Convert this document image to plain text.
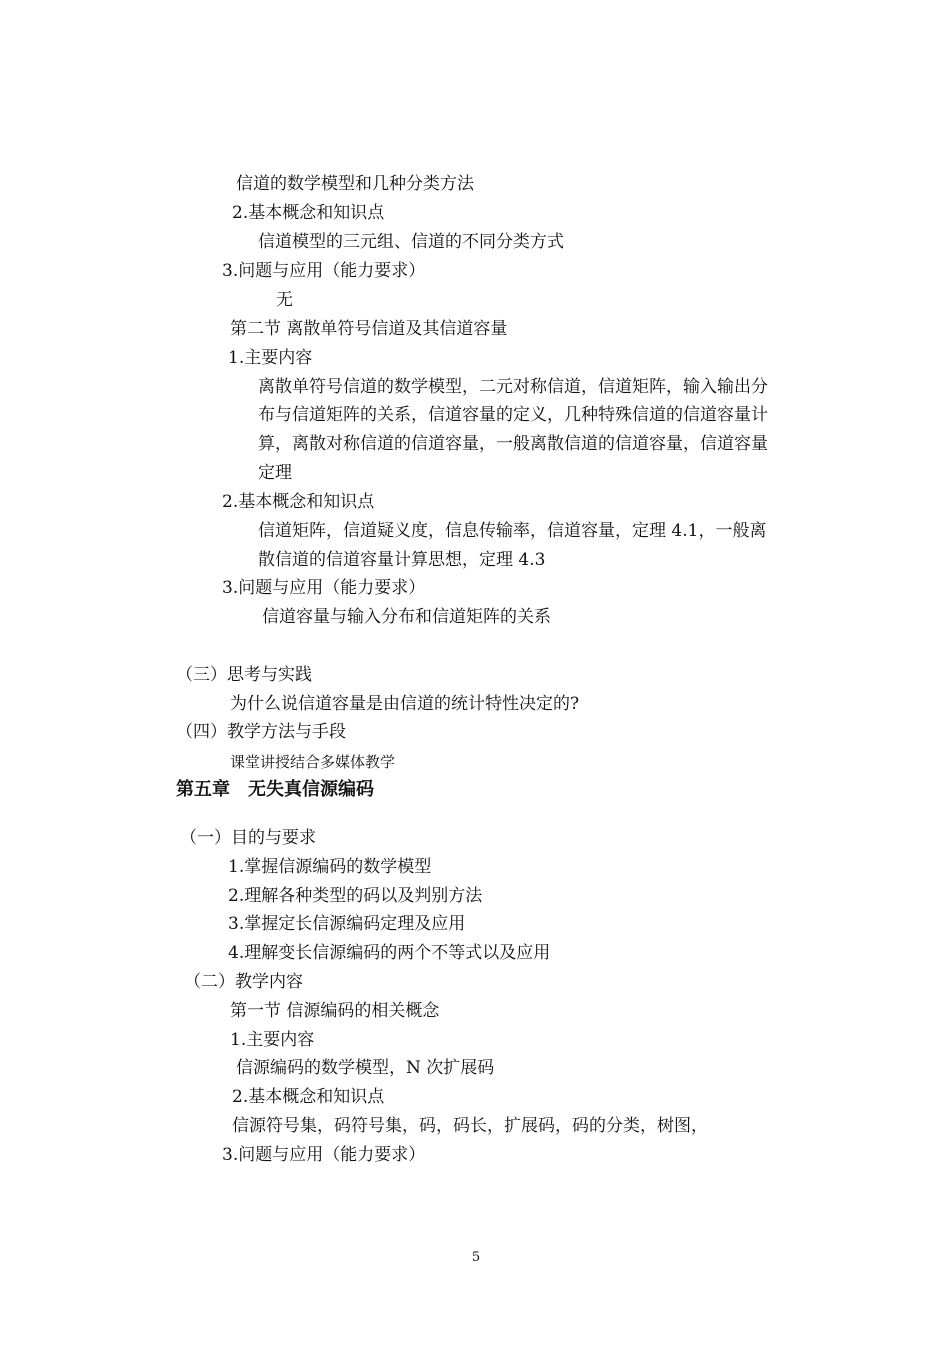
信道的数学模型和几种分类方法
2.基本概念和知识点
信道模型的三元组、信道的不同分类方式
3.问题与应用（能力要求）
无
第二节 离散单符号信道及其信道容量
1.主要内容
离散单符号信道的数学模型，二元对称信道，信道矩阵，输入输出分
布与信道矩阵的关系，信道容量的定义，几种特殊信道的信道容量计
算，离散对称信道的信道容量，一般离散信道的信道容量，信道容量
定理
2.基本概念和知识点
信道矩阵，信道疑义度，信息传输率，信道容量，定理 4.1，一般离
散信道的信道容量计算思想，定理 4.3
3.问题与应用（能力要求）
信道容量与输入分布和信道矩阵的关系
（三）思考与实践
为什么说信道容量是由信道的统计特性决定的?
（四）教学方法与手段
课堂讲授结合多媒体教学
第五章　无失真信源编码
（一）目的与要求
1.掌握信源编码的数学模型
2.理解各种类型的码以及判别方法
3.掌握定长信源编码定理及应用
4.理解变长信源编码的两个不等式以及应用
（二）教学内容
第一节 信源编码的相关概念
1.主要内容
信源编码的数学模型，N 次扩展码
2.基本概念和知识点
信源符号集，码符号集，码，码长，扩展码，码的分类，树图，
3.问题与应用（能力要求）
5
